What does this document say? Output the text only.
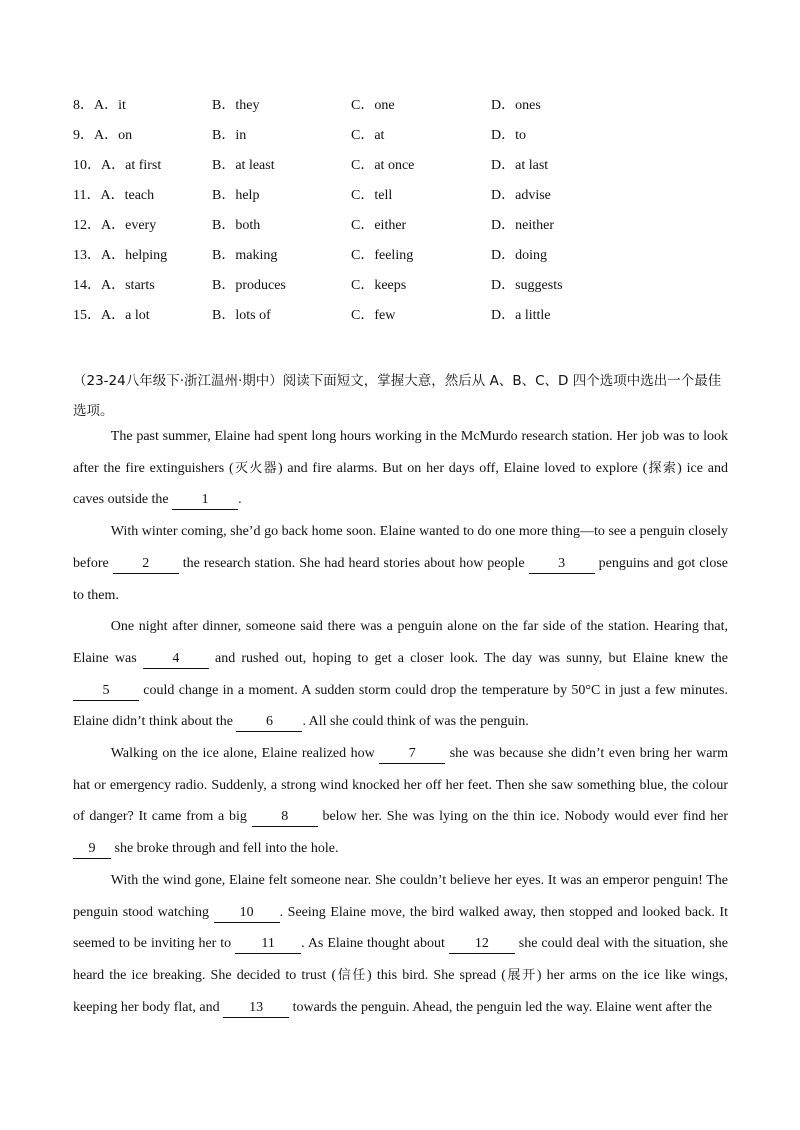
8．A．it	B．they	C．one	D．ones
9．A．on	B．in	C．at	D．to
10．A．at first	B．at least	C．at once	D．at last
11．A．teach	B．help	C．tell	D．advise
12．A．every	B．both	C．either	D．neither
13．A．helping	B．making	C．feeling	D．doing
14．A．starts	B．produces	C．keeps	D．suggests
15．A．a lot	B．lots of	C．few	D．a little
（23-24八年级下·浙江温州·期中）阅读下面短文，掌握大意，然后从 A、B、C、D 四个选项中选出一个最佳选项。

The past summer, Elaine had spent long hours working in the McMurdo research station. Her job was to look after the fire extinguishers (灭火器) and fire alarms. But on her days off, Elaine loved to explore (探索) ice and caves outside the 1 .

With winter coming, she’d go back home soon. Elaine wanted to do one more thing—to see a penguin closely before 2 the research station. She had heard stories about how people 3 penguins and got close to them.

One night after dinner, someone said there was a penguin alone on the far side of the station. Hearing that, Elaine was 4 and rushed out, hoping to get a closer look. The day was sunny, but Elaine knew the 5 could change in a moment. A sudden storm could drop the temperature by 50°C in just a few minutes. Elaine didn’t think about the 6 . All she could think of was the penguin.

Walking on the ice alone, Elaine realized how 7 she was because she didn’t even bring her warm hat or emergency radio. Suddenly, a strong wind knocked her off her feet. Then she saw something blue, the colour of danger? It came from a big 8 below her. She was lying on the thin ice. Nobody would ever find her 9 she broke through and fell into the hole.

With the wind gone, Elaine felt someone near. She couldn’t believe her eyes. It was an emperor penguin! The penguin stood watching 10 . Seeing Elaine move, the bird walked away, then stopped and looked back. It seemed to be inviting her to 11 . As Elaine thought about 12 she could deal with the situation, she heard the ice breaking. She decided to trust (信任) this bird. She spread (展开) her arms on the ice like wings, keeping her body flat, and 13 towards the penguin. Ahead, the penguin led the way. Elaine went after the
